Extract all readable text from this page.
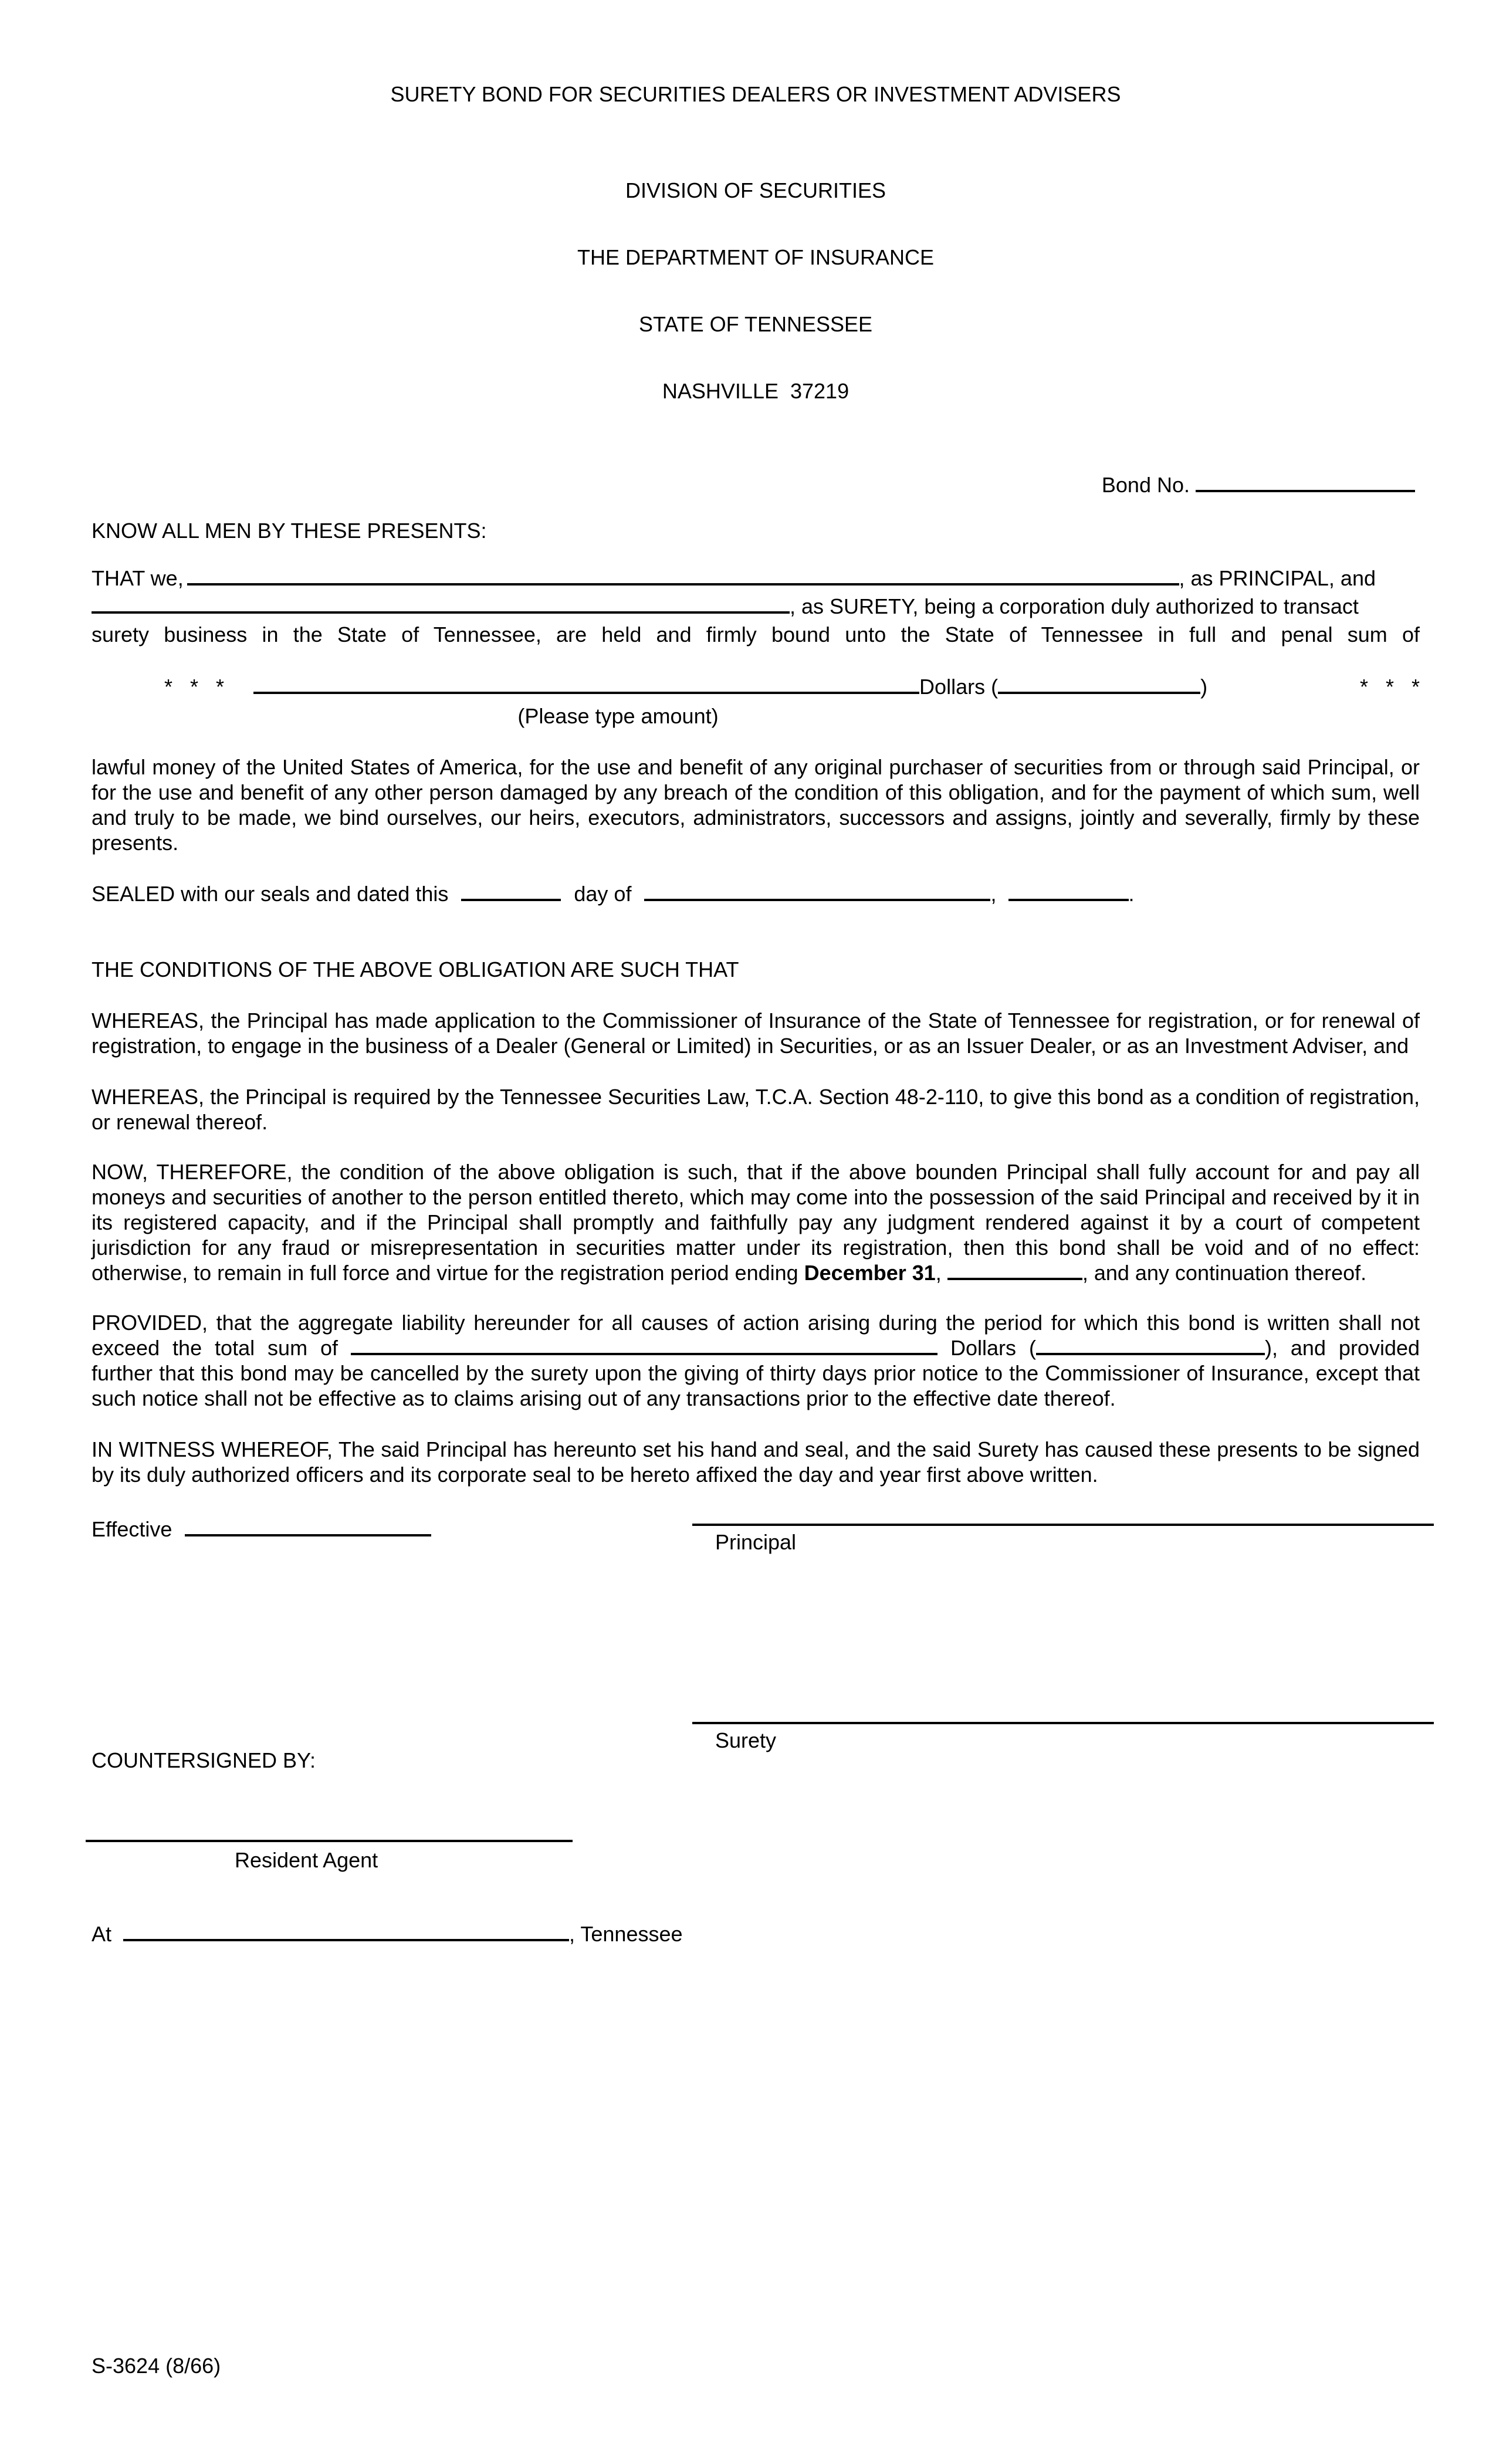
SURETY BOND FOR SECURITIES DEALERS OR INVESTMENT ADVISERS

DIVISION OF SECURITIES

THE DEPARTMENT OF INSURANCE

STATE OF TENNESSEE

NASHVILLE  37219

Bond No.
KNOW ALL MEN BY THESE PRESENTS:
THAT we,	, as PRINCIPAL, and
, as SURETY, being a corporation duly authorized to transact
surety business in the State of Tennessee, are held and firmly bound unto the State of Tennessee in full and penal sum of
* * *	Dollars (	)	* * *
(Please type amount)
lawful money of the United States of America, for the use and benefit of any original purchaser of securities from or through said Principal, or for the use and benefit of any other person damaged by any breach of the condition of this obligation, and for the payment of which sum, well and truly to be made, we bind ourselves, our heirs, executors, administrators, successors and assigns, jointly and severally, firmly by these presents.
SEALED with our seals and dated this	day of	,	.
THE CONDITIONS OF THE ABOVE OBLIGATION ARE SUCH THAT
WHEREAS, the Principal has made application to the Commissioner of Insurance of the State of Tennessee for registration, or for renewal of registration, to engage in the business of a Dealer (General or Limited) in Securities, or as an Issuer Dealer, or as an Investment Adviser, and
WHEREAS, the Principal is required by the Tennessee Securities Law, T.C.A. Section 48-2-110, to give this bond as a condition of registration, or renewal thereof.
NOW, THEREFORE, the condition of the above obligation is such, that if the above bounden Principal shall fully account for and pay all moneys and securities of another to the person entitled thereto, which may come into the possession of the said Principal and received by it in its registered capacity, and if the Principal shall promptly and faithfully pay any judgment rendered against it by a court of competent jurisdiction for any fraud or misrepresentation in securities matter under its registration, then this bond shall be void and of no effect: otherwise, to remain in full force and virtue for the registration period ending December 31,	, and any continuation thereof.
PROVIDED, that the aggregate liability hereunder for all causes of action arising during the period for which this bond is written shall not exceed the total sum of	Dollars (	), and provided further that this bond may be cancelled by the surety upon the giving of thirty days prior notice to the Commissioner of Insurance, except that such notice shall not be effective as to claims arising out of any transactions prior to the effective date thereof.
IN WITNESS WHEREOF, The said Principal has hereunto set his hand and seal, and the said Surety has caused these presents to be signed by its duly authorized officers and its corporate seal to be hereto affixed the day and year first above written.
Effective
Principal
Surety
COUNTERSIGNED BY:
Resident Agent
At	, Tennessee
S-3624 (8/66)
